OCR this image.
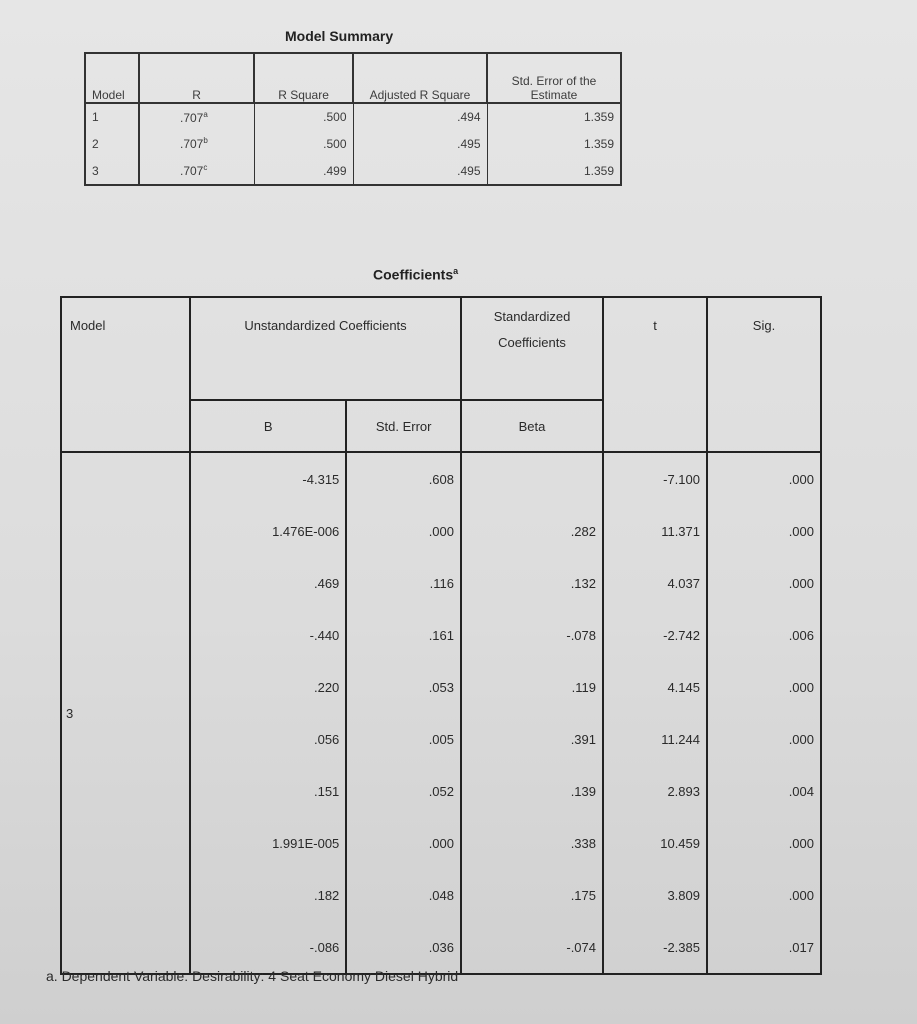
Model Summary
Model	R	R Square	Adjusted R Square	Std. Error of the Estimate
1	.707$^a$	.500	.494	1.359
2	.707$^b$	.500	.495	1.359
3	.707$^c$	.499	.495	1.359
Coefficients$^a$
Model	Unstandardized Coefficients		Standardized Coefficients	t	Sig.
	B	Std. Error	Beta		
3	-4.315	.608		-7.100	.000
	1.476E-006	.000	.282	11.371	.000
	.469	.116	.132	4.037	.000
	-.440	.161	-.078	-2.742	.006
	.220	.053	.119	4.145	.000
	.056	.005	.391	11.244	.000
	.151	.052	.139	2.893	.004
	1.991E-005	.000	.338	10.459	.000
	.182	.048	.175	3.809	.000
	-.086	.036	-.074	-2.385	.017
a. Dependent Variable: Desirability: 4 Seat Economy Diesel Hybrid
